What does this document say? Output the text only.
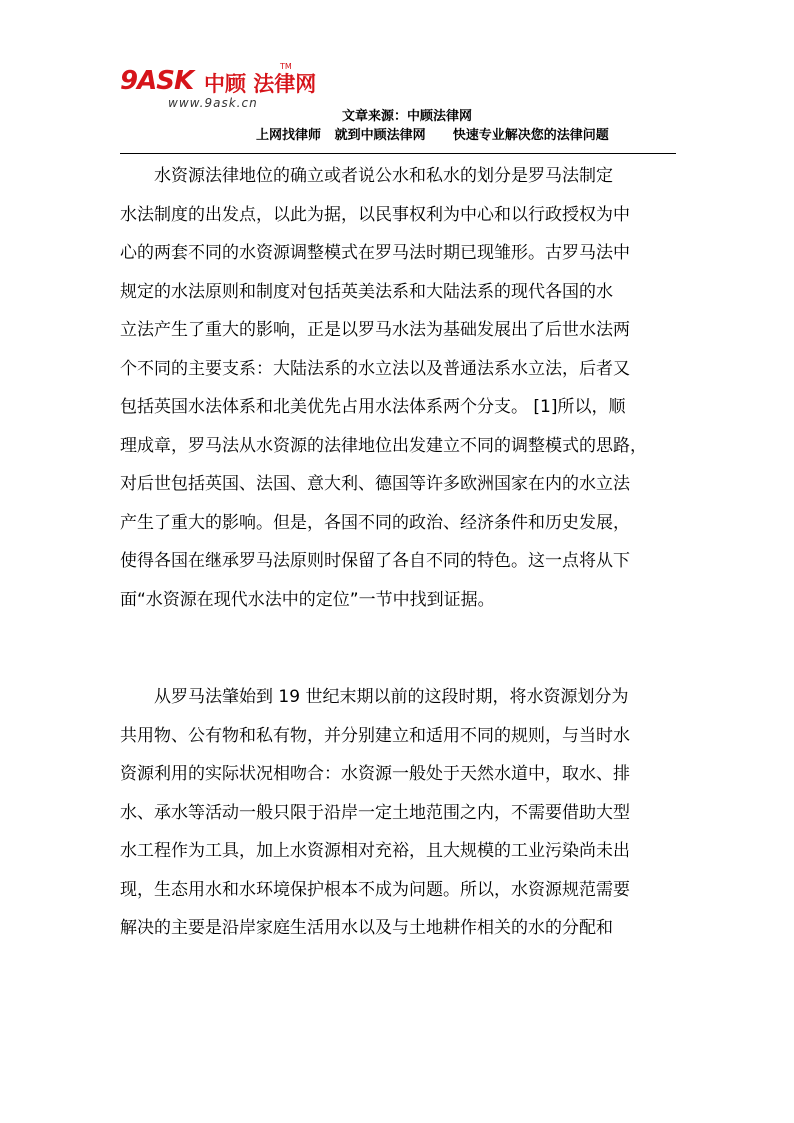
9ASK 中顾 法律网
TM
www.9ask.cn
文章来源：中顾法律网
上网找律师   就到中顾法律网      快速专业解决您的法律问题
　　水资源法律地位的确立或者说公水和私水的划分是罗马法制定
水法制度的出发点，以此为据，以民事权利为中心和以行政授权为中
心的两套不同的水资源调整模式在罗马法时期已现雏形。古罗马法中
规定的水法原则和制度对包括英美法系和大陆法系的现代各国的水
立法产生了重大的影响，正是以罗马水法为基础发展出了后世水法两
个不同的主要支系：大陆法系的水立法以及普通法系水立法，后者又
包括英国水法体系和北美优先占用水法体系两个分支。 [1]所以，顺
理成章，罗马法从水资源的法律地位出发建立不同的调整模式的思路，
对后世包括英国、法国、意大利、德国等许多欧洲国家在内的水立法
产生了重大的影响。但是，各国不同的政治、经济条件和历史发展，
使得各国在继承罗马法原则时保留了各自不同的特色。这一点将从下
面“水资源在现代水法中的定位”一节中找到证据。
　　从罗马法肇始到 19 世纪末期以前的这段时期，将水资源划分为
共用物、公有物和私有物，并分别建立和适用不同的规则，与当时水
资源利用的实际状况相吻合：水资源一般处于天然水道中，取水、排
水、承水等活动一般只限于沿岸一定土地范围之内，不需要借助大型
水工程作为工具，加上水资源相对充裕，且大规模的工业污染尚未出
现，生态用水和水环境保护根本不成为问题。所以，水资源规范需要
解决的主要是沿岸家庭生活用水以及与土地耕作相关的水的分配和
